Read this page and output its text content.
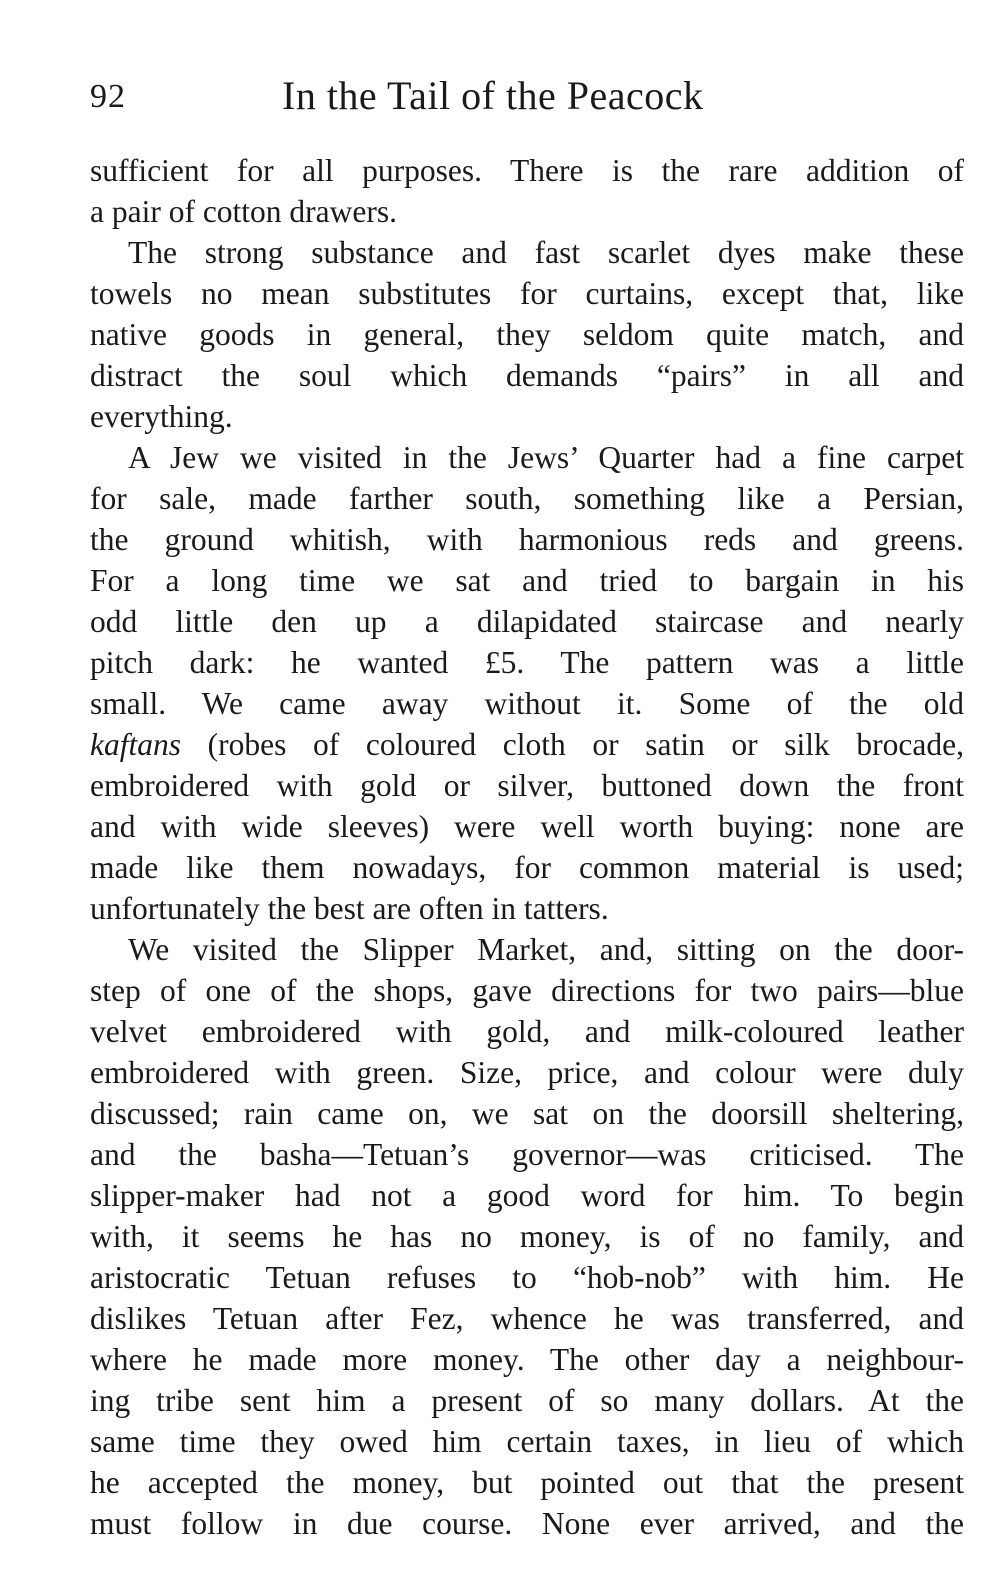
92	In the Tail of the Peacock
sufficient for all purposes. There is the rare addition of
a pair of cotton drawers.
The strong substance and fast scarlet dyes make these
towels no mean substitutes for curtains, except that, like
native goods in general, they seldom quite match, and
distract the soul which demands “pairs” in all and
everything.
A Jew we visited in the Jews’ Quarter had a fine carpet
for sale, made farther south, something like a Persian,
the ground whitish, with harmonious reds and greens.
For a long time we sat and tried to bargain in his
odd little den up a dilapidated staircase and nearly
pitch dark: he wanted £5. The pattern was a little
small. We came away without it. Some of the old
kaftans (robes of coloured cloth or satin or silk brocade,
embroidered with gold or silver, buttoned down the front
and with wide sleeves) were well worth buying: none are
made like them nowadays, for common material is used;
unfortunately the best are often in tatters.
We visited the Slipper Market, and, sitting on the door-
step of one of the shops, gave directions for two pairs—blue
velvet embroidered with gold, and milk-coloured leather
embroidered with green. Size, price, and colour were duly
discussed; rain came on, we sat on the doorsill sheltering,
and the basha—Tetuan’s governor—was criticised. The
slipper-maker had not a good word for him. To begin
with, it seems he has no money, is of no family, and
aristocratic Tetuan refuses to “hob-nob” with him. He
dislikes Tetuan after Fez, whence he was transferred, and
where he made more money. The other day a neighbour-
ing tribe sent him a present of so many dollars. At the
same time they owed him certain taxes, in lieu of which
he accepted the money, but pointed out that the present
must follow in due course. None ever arrived, and the
